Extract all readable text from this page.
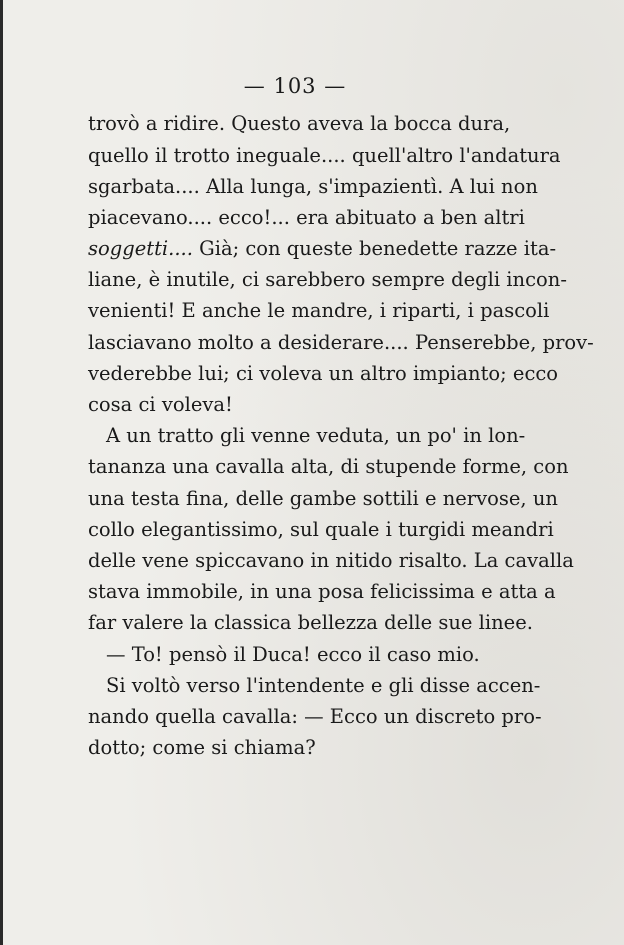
— 103 —
trovò a ridire. Questo aveva la bocca dura,
quello il trotto ineguale.... quell'altro l'andatura
sgarbata.... Alla lunga, s'impazientì. A lui non
piacevano.... ecco!... era abituato a ben altri
soggetti.... Già; con queste benedette razze ita-
liane, è inutile, ci sarebbero sempre degli incon-
venienti! E anche le mandre, i riparti, i pascoli
lasciavano molto a desiderare.... Penserebbe, prov-
vederebbe lui; ci voleva un altro impianto; ecco
cosa ci voleva!
A un tratto gli venne veduta, un po' in lon-
tananza una cavalla alta, di stupende forme, con
una testa fina, delle gambe sottili e nervose, un
collo elegantissimo, sul quale i turgidi meandri
delle vene spiccavano in nitido risalto. La cavalla
stava immobile, in una posa felicissima e atta a
far valere la classica bellezza delle sue linee.
— To! pensò il Duca! ecco il caso mio.
Si voltò verso l'intendente e gli disse accen-
nando quella cavalla: — Ecco un discreto pro-
dotto; come si chiama?
